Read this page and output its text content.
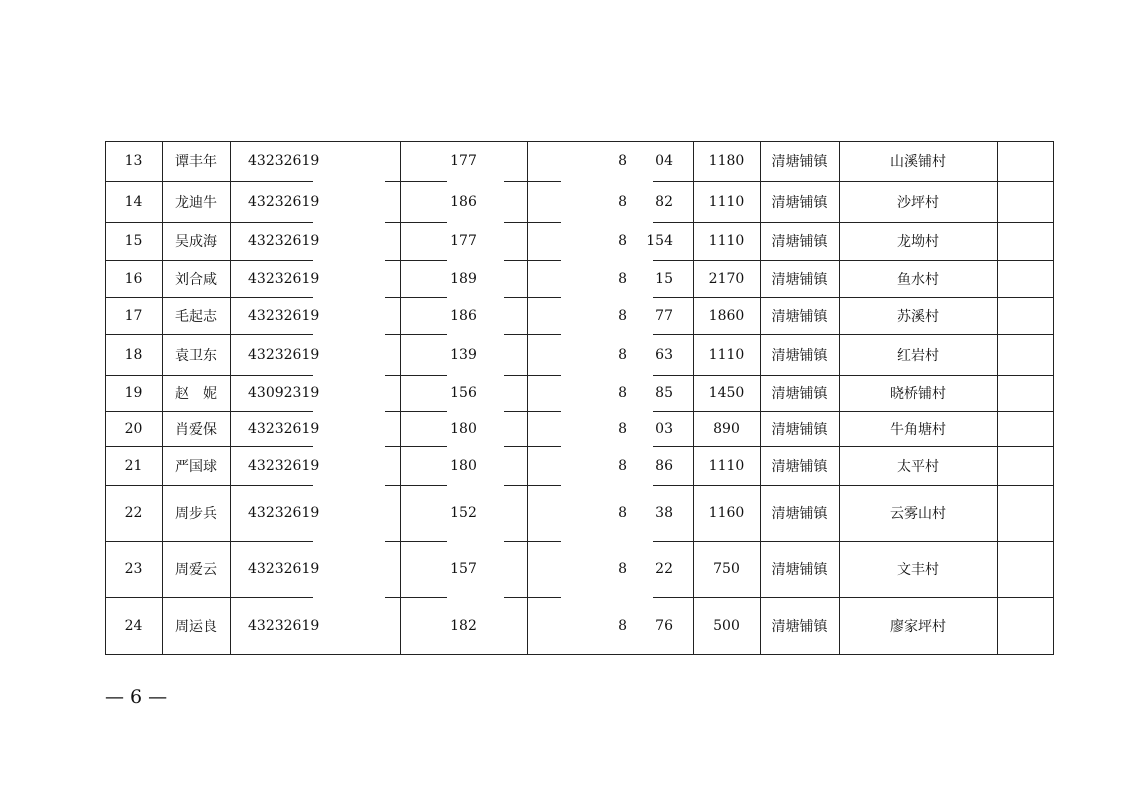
13	谭丰年	43232619	177	8	04	1180	清塘铺镇	山溪铺村
14	龙迪牛	43232619	186	8	82	1110	清塘铺镇	沙坪村
15	吴成海	43232619	177	8	154	1110	清塘铺镇	龙坳村
16	刘合咸	43232619	189	8	15	2170	清塘铺镇	鱼水村
17	毛起志	43232619	186	8	77	1860	清塘铺镇	苏溪村
18	袁卫东	43232619	139	8	63	1110	清塘铺镇	红岩村
19	赵　妮	43092319	156	8	85	1450	清塘铺镇	晓桥铺村
20	肖爱保	43232619	180	8	03	890	清塘铺镇	牛角塘村
21	严国球	43232619	180	8	86	1110	清塘铺镇	太平村
22	周步兵	43232619	152	8	38	1160	清塘铺镇	云雾山村
23	周爱云	43232619	157	8	22	750	清塘铺镇	文丰村
24	周运良	43232619	182	8	76	500	清塘铺镇	廖家坪村
— 6 —
